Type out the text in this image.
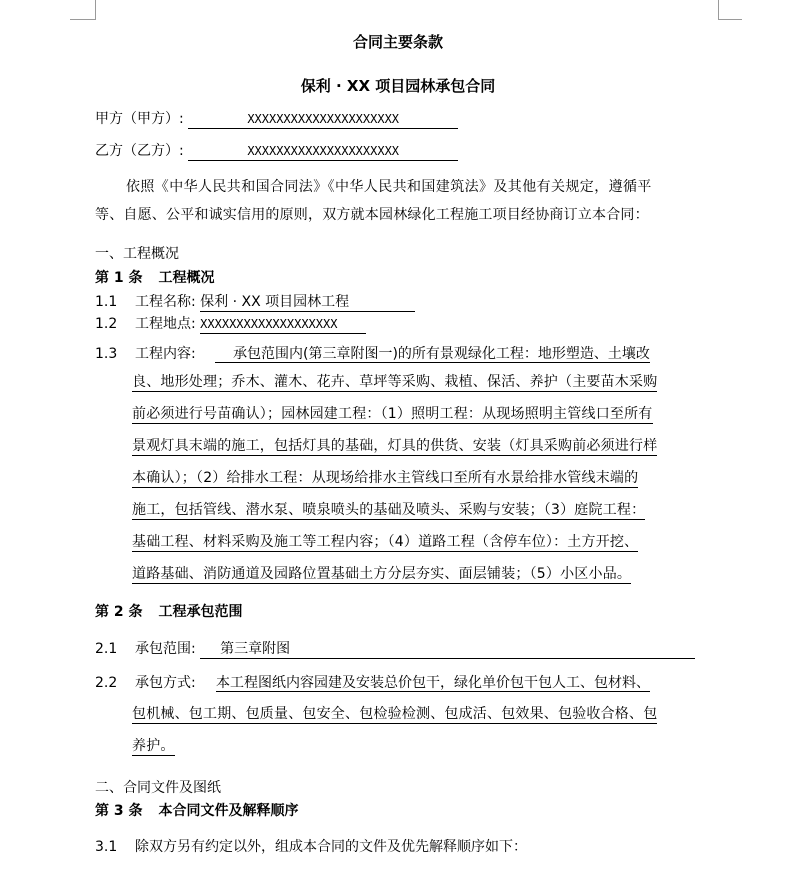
合同主要条款
保利 · XX 项目园林承包合同
甲方（甲方）:	XXXXXXXXXXXXXXXXXXXXX
乙方（乙方）:	XXXXXXXXXXXXXXXXXXXXX
依照《中华人民共和国合同法》《中华人民共和国建筑法》及其他有关规定，遵循平
等、自愿、公平和诚实信用的原则，双方就本园林绿化工程施工项目经协商订立本合同：
一、工程概况
第 1 条 工程概况
1.1 工程名称: 保利 · XX 项目园林工程
1.2 工程地点: XXXXXXXXXXXXXXXXXXX
1.3 工程内容:	承包范围内(第三章附图一)的所有景观绿化工程：地形塑造、土壤改
良、地形处理；乔木、灌木、花卉、草坪等采购、栽植、保活、养护（主要苗木采购
前必须进行号苗确认）；园林园建工程：（1）照明工程：从现场照明主管线口至所有
景观灯具末端的施工，包括灯具的基础，灯具的供货、安装（灯具采购前必须进行样
本确认）；（2）给排水工程：从现场给排水主管线口至所有水景给排水管线末端的
施工，包括管线、潜水泵、喷泉喷头的基础及喷头、采购与安装；（3）庭院工程：
基础工程、材料采购及施工等工程内容；（4）道路工程（含停车位）：土方开挖、
道路基础、消防通道及园路位置基础土方分层夯实、面层铺装；（5）小区小品。
第 2 条 工程承包范围
2.1 承包范围: 第三章附图
2.2 承包方式: 本工程图纸内容园建及安装总价包干，绿化单价包干包人工、包材料、
包机械、包工期、包质量、包安全、包检验检测、包成活、包效果、包验收合格、包
养护。
二、合同文件及图纸
第 3 条 本合同文件及解释顺序
3.1 除双方另有约定以外，组成本合同的文件及优先解释顺序如下：
